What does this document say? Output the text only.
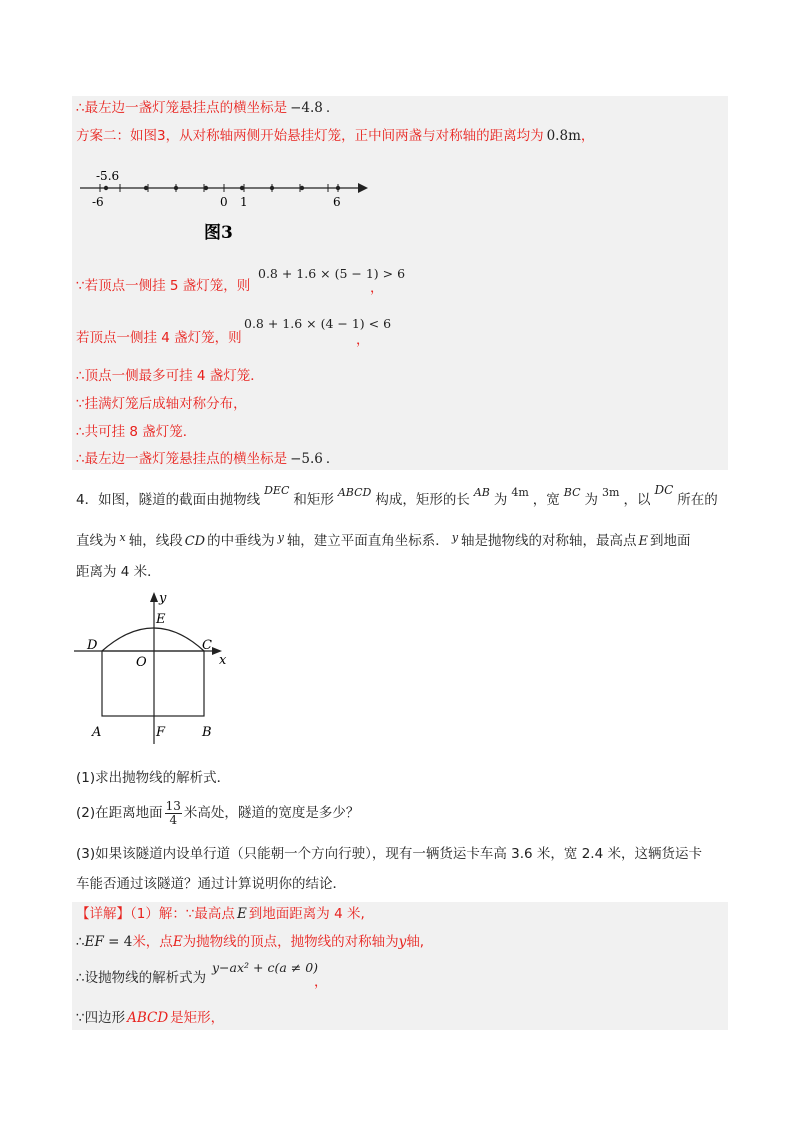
∴最左边一盏灯笼悬挂点的横坐标是 −4.8 .
方案二：如图3，从对称轴两侧开始悬挂灯笼，正中间两盏与对称轴的距离均为 0.8m，
-5.6
-6	0 1	6
图3
∵若顶点一侧挂 5 盏灯笼，则
0.8 + 1.6 × (5 − 1) > 6
，
若顶点一侧挂 4 盏灯笼，则
0.8 + 1.6 × (4 − 1) < 6
，
∴顶点一侧最多可挂 4 盏灯笼．
∵挂满灯笼后成轴对称分布，
∴共可挂 8 盏灯笼．
∴最左边一盏灯笼悬挂点的横坐标是 −5.6 ．
4．如图，隧道的截面由抛物线$^{DEC}$和矩形 $^{ABCD}$ 构成，矩形的长 $^{AB}$ 为 $^{4m}$ ，宽 $^{BC}$ 为 $^{3m}$ ，以DC所在的
直线为 $^x$ 轴，线段 CD 的中垂线为 $^y$ 轴，建立平面直角坐标系． $^y$ 轴是抛物线的对称轴，最高点 E 到地面
距离为 4 米．
y
x
E
D	C
O
A	F	B
(1)求出抛物线的解析式．
(2)在距离地面 $\frac{13}{4}$ 米高处，隧道的宽度是多少？
(3)如果该隧道内设单行道（只能朝一个方向行驶），现有一辆货运卡车高 3.6 米，宽 2.4 米，这辆货运卡
车能否通过该隧道？通过计算说明你的结论．
【详解】（1）解：∵最高点 E 到地面距离为 4 米,
∴EF = 4米，点E为抛物线的顶点，抛物线的对称轴为y轴,
∴设抛物线的解析式为
y−ax² + c(a ≠ 0)
，
∵四边形 ABCD 是矩形，
